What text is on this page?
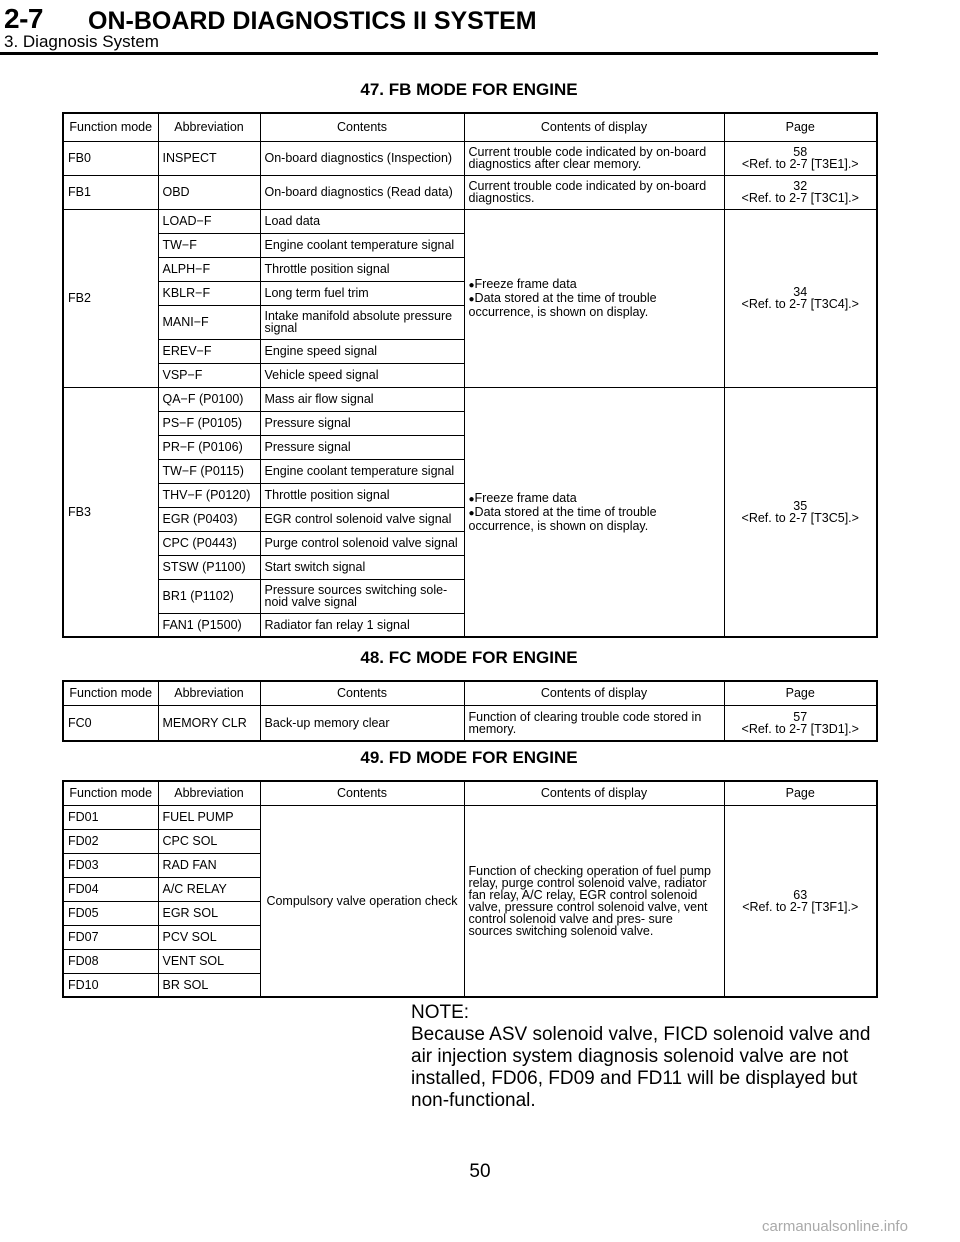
2-7 ON-BOARD DIAGNOSTICS II SYSTEM
3. Diagnosis System
47. FB MODE FOR ENGINE
Function mode	Abbreviation	Contents	Contents of display	Page
FB0	INSPECT	On-board diagnostics (Inspection)	Current trouble code indicated by on-board diagnostics after clear memory.	58
<Ref. to 2-7 [T3E1].>
FB1	OBD	On-board diagnostics (Read data)	Current trouble code indicated by on-board diagnostics.	32
<Ref. to 2-7 [T3C1].>
FB2	LOAD−F	Load data	●Freeze frame data
●Data stored at the time of trouble occurrence, is shown on display.	34
<Ref. to 2-7 [T3C4].>
	TW−F	Engine coolant temperature signal		
	ALPH−F	Throttle position signal		
	KBLR−F	Long term fuel trim		
	MANI−F	Intake manifold absolute pressure signal		
	EREV−F	Engine speed signal		
	VSP−F	Vehicle speed signal		
FB3	QA−F (P0100)	Mass air flow signal	●Freeze frame data
●Data stored at the time of trouble occurrence, is shown on display.	35
<Ref. to 2-7 [T3C5].>
	PS−F (P0105)	Pressure signal		
	PR−F (P0106)	Pressure signal		
	TW−F (P0115)	Engine coolant temperature signal		
	THV−F (P0120)	Throttle position signal		
	EGR (P0403)	EGR control solenoid valve signal		
	CPC (P0443)	Purge control solenoid valve signal		
	STSW (P1100)	Start switch signal		
	BR1 (P1102)	Pressure sources switching sole- noid valve signal		
	FAN1 (P1500)	Radiator fan relay 1 signal		
48. FC MODE FOR ENGINE
Function mode	Abbreviation	Contents	Contents of display	Page
FC0	MEMORY CLR	Back-up memory clear	Function of clearing trouble code stored in memory.	57
<Ref. to 2-7 [T3D1].>
49. FD MODE FOR ENGINE
Function mode	Abbreviation	Contents	Contents of display	Page
FD01	FUEL PUMP	Compulsory valve operation check	Function of checking operation of fuel pump relay, purge control solenoid valve, radiator fan relay, A/C relay, EGR control solenoid valve, pressure control solenoid valve, vent control solenoid valve and pres- sure sources switching solenoid valve.	63
<Ref. to 2-7 [T3F1].>
FD02	CPC SOL			
FD03	RAD FAN			
FD04	A/C RELAY			
FD05	EGR SOL			
FD07	PCV SOL			
FD08	VENT SOL			
FD10	BR SOL			
NOTE:
Because ASV solenoid valve, FICD solenoid valve and air injection system diagnosis solenoid valve are not installed, FD06, FD09 and FD11 will be displayed but non-functional.
50
carmanualsonline.info
